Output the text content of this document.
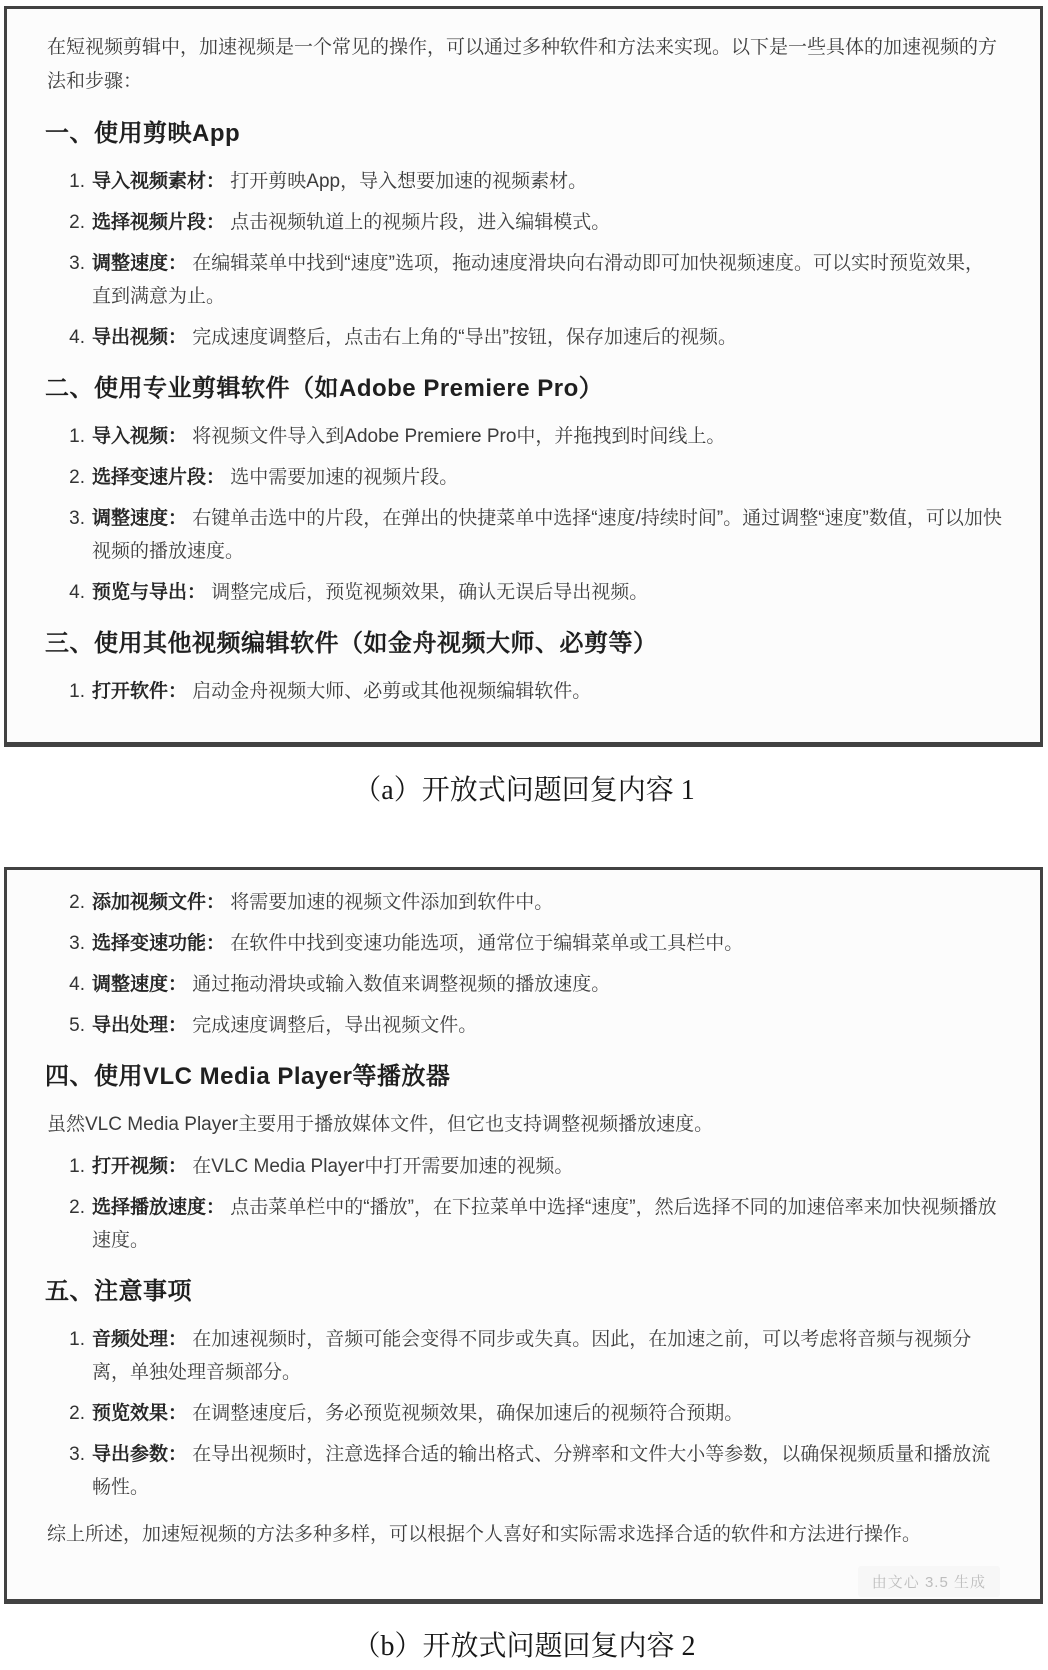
在短视频剪辑中，加速视频是一个常见的操作，可以通过多种软件和方法来实现。以下是一些具体的加速视频的方法和步骤：
一、使用剪映App
1. 导入视频素材： 打开剪映App，导入想要加速的视频素材。
2. 选择视频片段： 点击视频轨道上的视频片段，进入编辑模式。
3. 调整速度： 在编辑菜单中找到“速度”选项，拖动速度滑块向右滑动即可加快视频速度。可以实时预览效果，直到满意为止。
4. 导出视频： 完成速度调整后，点击右上角的“导出”按钮，保存加速后的视频。
二、使用专业剪辑软件（如Adobe Premiere Pro）
1. 导入视频： 将视频文件导入到Adobe Premiere Pro中，并拖拽到时间线上。
2. 选择变速片段： 选中需要加速的视频片段。
3. 调整速度： 右键单击选中的片段，在弹出的快捷菜单中选择“速度/持续时间”。通过调整“速度”数值，可以加快视频的播放速度。
4. 预览与导出： 调整完成后，预览视频效果，确认无误后导出视频。
三、使用其他视频编辑软件（如金舟视频大师、必剪等）
1. 打开软件： 启动金舟视频大师、必剪或其他视频编辑软件。
（a）开放式问题回复内容 1
2. 添加视频文件： 将需要加速的视频文件添加到软件中。
3. 选择变速功能： 在软件中找到变速功能选项，通常位于编辑菜单或工具栏中。
4. 调整速度： 通过拖动滑块或输入数值来调整视频的播放速度。
5. 导出处理： 完成速度调整后，导出视频文件。
四、使用VLC Media Player等播放器
虽然VLC Media Player主要用于播放媒体文件，但它也支持调整视频播放速度。
1. 打开视频： 在VLC Media Player中打开需要加速的视频。
2. 选择播放速度： 点击菜单栏中的“播放”，在下拉菜单中选择“速度”，然后选择不同的加速倍率来加快视频播放速度。
五、注意事项
1. 音频处理： 在加速视频时，音频可能会变得不同步或失真。因此，在加速之前，可以考虑将音频与视频分离，单独处理音频部分。
2. 预览效果： 在调整速度后，务必预览视频效果，确保加速后的视频符合预期。
3. 导出参数： 在导出视频时，注意选择合适的输出格式、分辨率和文件大小等参数，以确保视频质量和播放流畅性。
综上所述，加速短视频的方法多种多样，可以根据个人喜好和实际需求选择合适的软件和方法进行操作。
由文心 3.5 生成
（b）开放式问题回复内容 2
